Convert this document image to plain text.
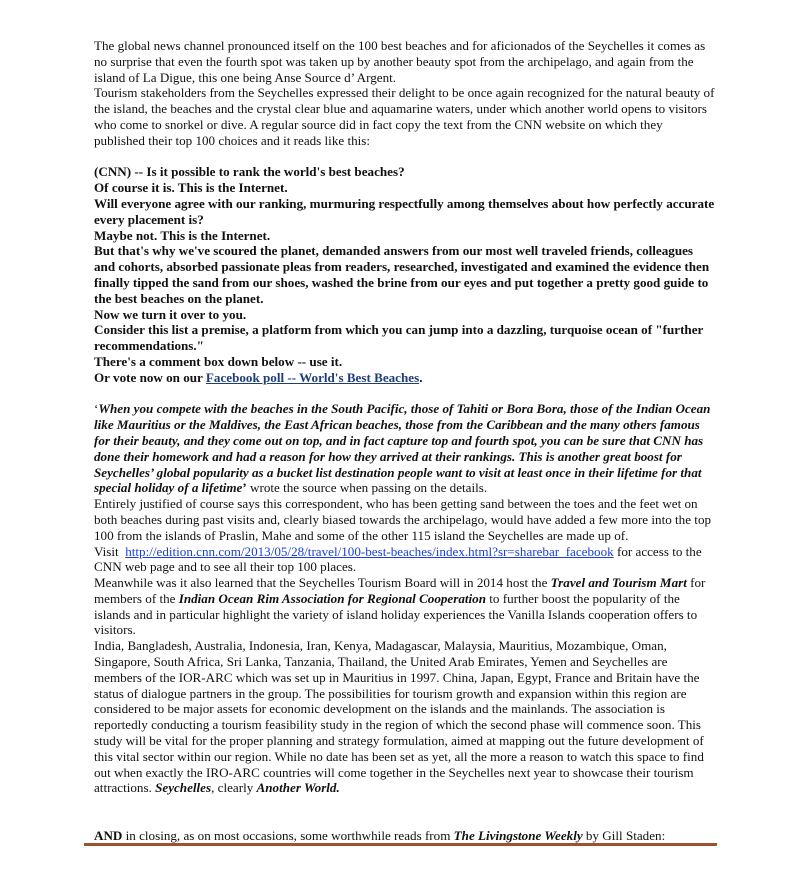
The global news channel pronounced itself on the 100 best beaches and for aficionados of the Seychelles it comes as no surprise that even the fourth spot was taken up by another beauty spot from the archipelago, and again from the island of La Digue, this one being Anse Source d’ Argent.

Tourism stakeholders from the Seychelles expressed their delight to be once again recognized for the natural beauty of the island, the beaches and the crystal clear blue and aquamarine waters, under which another world opens to visitors who come to snorkel or dive. A regular source did in fact copy the text from the CNN website on which they published their top 100 choices and it reads like this:

(CNN) -- Is it possible to rank the world's best beaches?

Of course it is. This is the Internet.

Will everyone agree with our ranking, murmuring respectfully among themselves about how perfectly accurate every placement is?

Maybe not. This is the Internet.

But that's why we've scoured the planet, demanded answers from our most well traveled friends, colleagues and cohorts, absorbed passionate pleas from readers, researched, investigated and examined the evidence then finally tipped the sand from our shoes, washed the brine from our eyes and put together a pretty good guide to the best beaches on the planet.

Now we turn it over to you.

Consider this list a premise, a platform from which you can jump into a dazzling, turquoise ocean of "further recommendations."

There's a comment box down below -- use it.

Or vote now on our Facebook poll -- World's Best Beaches.

‘When you compete with the beaches in the South Pacific, those of Tahiti or Bora Bora, those of the Indian Ocean like Mauritius or the Maldives, the East African beaches, those from the Caribbean and the many others famous for their beauty, and they come out on top, and in fact capture top and fourth spot, you can be sure that CNN has done their homework and had a reason for how they arrived at their rankings. This is another great boost for Seychelles’ global popularity as a bucket list destination people want to visit at least once in their lifetime for that special holiday of a lifetime’ wrote the source when passing on the details.

Entirely justified of course says this correspondent, who has been getting sand between the toes and the feet wet on both beaches during past visits and, clearly biased towards the archipelago, would have added a few more into the top 100 from the islands of Praslin, Mahe and some of the other 115 island the Seychelles are made up of.

Visit  http://edition.cnn.com/2013/05/28/travel/100-best-beaches/index.html?sr=sharebar_facebook for access to the CNN web page and to see all their top 100 places.

Meanwhile was it also learned that the Seychelles Tourism Board will in 2014 host the Travel and Tourism Mart for members of the Indian Ocean Rim Association for Regional Cooperation to further boost the popularity of the islands and in particular highlight the variety of island holiday experiences the Vanilla Islands cooperation offers to visitors.

India, Bangladesh, Australia, Indonesia, Iran, Kenya, Madagascar, Malaysia, Mauritius, Mozambique, Oman, Singapore, South Africa, Sri Lanka, Tanzania, Thailand, the United Arab Emirates, Yemen and Seychelles are members of the IOR-ARC which was set up in Mauritius in 1997. China, Japan, Egypt, France and Britain have the status of dialogue partners in the group. The possibilities for tourism growth and expansion within this region are considered to be major assets for economic development on the islands and the mainlands. The association is reportedly conducting a tourism feasibility study in the region of which the second phase will commence soon. This study will be vital for the proper planning and strategy formulation, aimed at mapping out the future development of this vital sector within our region. While no date has been set as yet, all the more a reason to watch this space to find out when exactly the IRO-ARC countries will come together in the Seychelles next year to showcase their tourism attractions. Seychelles, clearly Another World.

AND in closing, as on most occasions, some worthwhile reads from The Livingstone Weekly by Gill Staden:
